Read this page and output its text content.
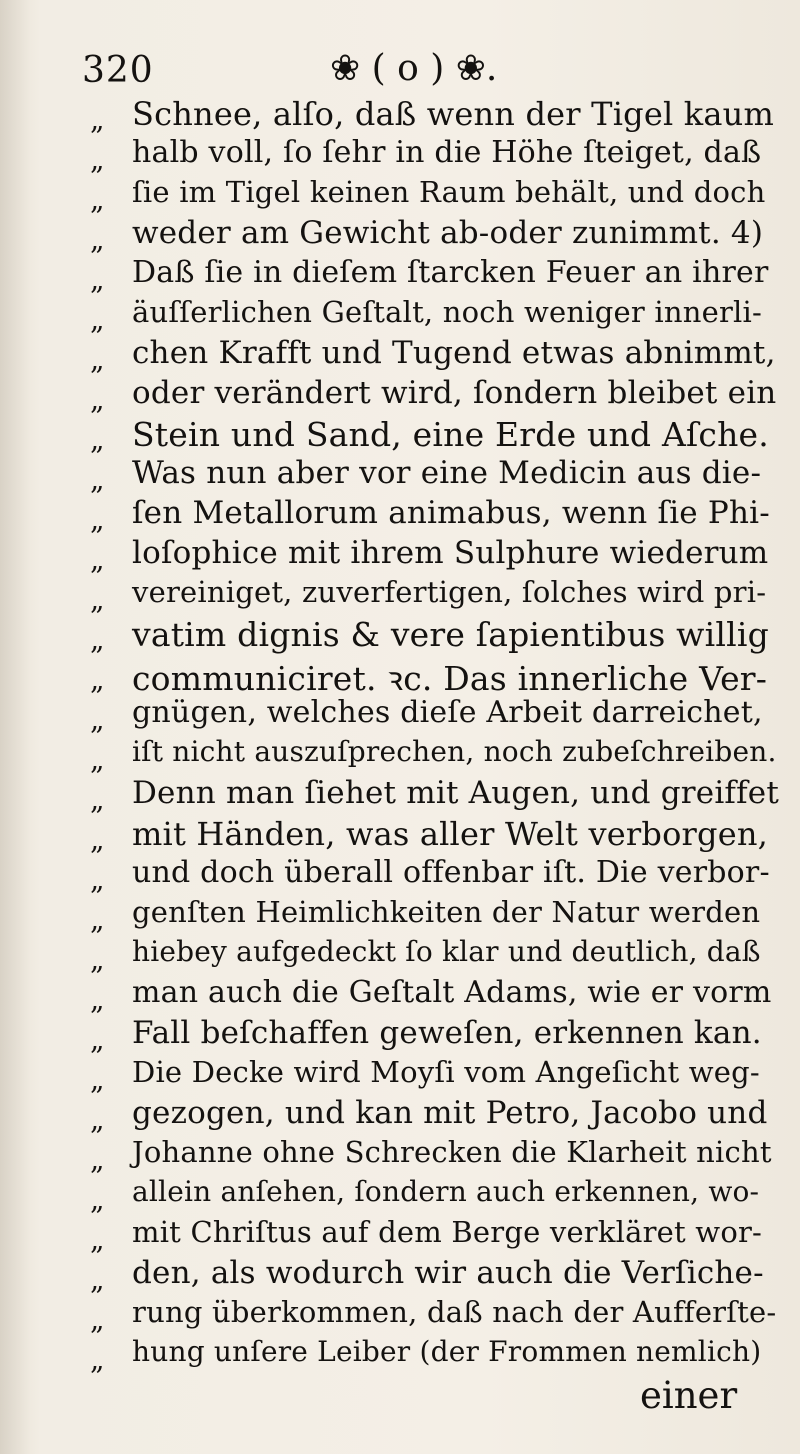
320	❀ ( o ) ❀.
„ Schnee, alſo, daß wenn der Tigel kaum
„ halb voll, ſo ſehr in die Höhe ſteiget, daß
„ ſie im Tigel keinen Raum behält, und doch
„ weder am Gewicht ab-oder zunimmt. 4)
„ Daß ſie in dieſem ſtarcken Feuer an ihrer
„ äuſſerlichen Geſtalt, noch weniger innerli-
„ chen Krafft und Tugend etwas abnimmt,
„ oder verändert wird, ſondern bleibet ein
„ Stein und Sand, eine Erde und Aſche.
„ Was nun aber vor eine Medicin aus die-
„ ſen Metallorum animabus, wenn ſie Phi-
„ loſophice mit ihrem Sulphure wiederum
„ vereiniget, zuverfertigen, ſolches wird pri-
„ vatim dignis & vere ſapientibus willig
„ communiciret. ꝛc. Das innerliche Ver-
„ gnügen, welches dieſe Arbeit darreichet,
„ iſt nicht auszuſprechen, noch zubeſchreiben.
„ Denn man ſiehet mit Augen, und greiffet
„ mit Händen, was aller Welt verborgen,
„ und doch überall offenbar iſt. Die verbor-
„ genſten Heimlichkeiten der Natur werden
„ hiebey aufgedeckt ſo klar und deutlich, daß
„ man auch die Geſtalt Adams, wie er vorm
„ Fall beſchaffen geweſen, erkennen kan.
„ Die Decke wird Moyſi vom Angeſicht weg-
„ gezogen, und kan mit Petro, Jacobo und
„ Johanne ohne Schrecken die Klarheit nicht
„ allein anſehen, ſondern auch erkennen, wo-
„ mit Chriſtus auf dem Berge verkläret wor-
„ den, als wodurch wir auch die Verſiche-
„ rung überkommen, daß nach der Aufferſte-
„ hung unſere Leiber (der Frommen nemlich)
einer
